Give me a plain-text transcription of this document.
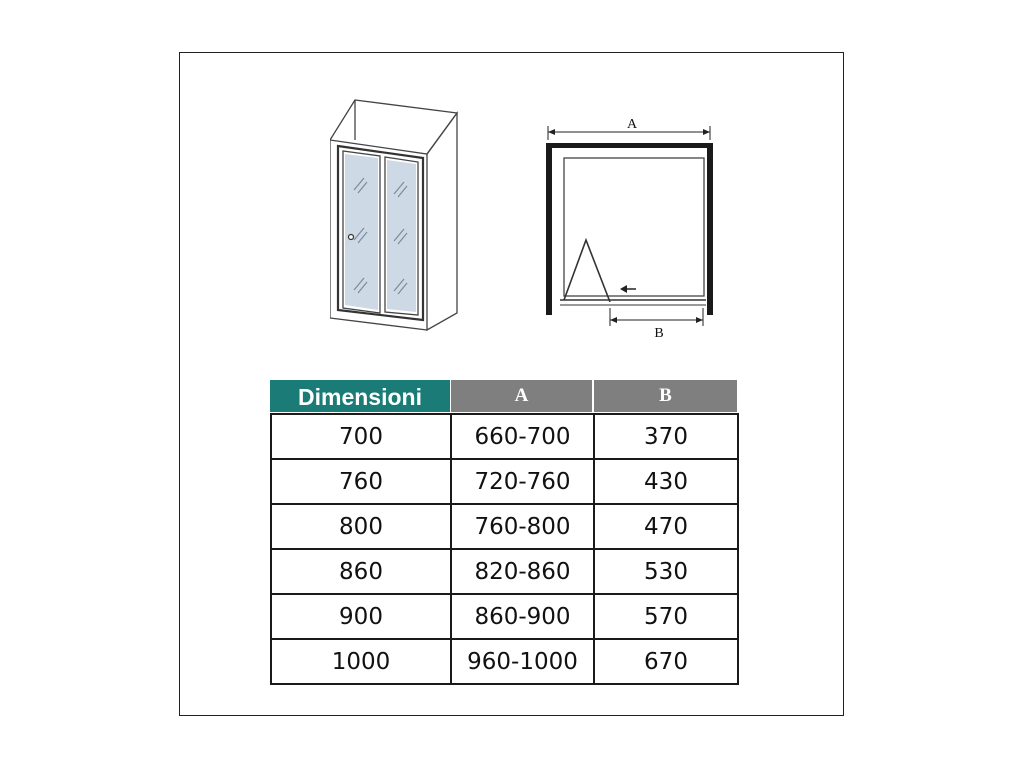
A
B
Dimensioni	A	B
700	660-700	370
760	720-760	430
800	760-800	470
860	820-860	530
900	860-900	570
1000	960-1000	670
